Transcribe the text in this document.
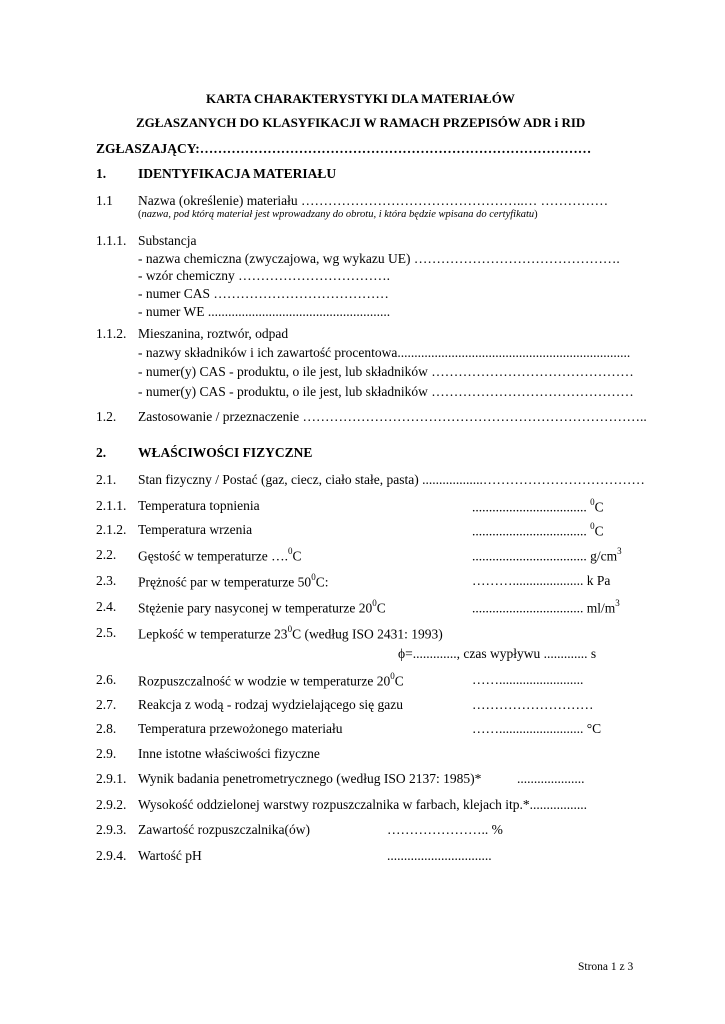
KARTA CHARAKTERYSTYKI DLA MATERIAŁÓW
ZGŁASZANYCH DO KLASYFIKACJI W RAMACH PRZEPISÓW ADR i RID
ZGŁASZAJĄCY:……………………………………………………………………………
1. IDENTYFIKACJA MATERIAŁU
1.1 Nazwa (określenie) materiału …………………………………………..… ……………
(nazwa, pod którą materiał jest wprowadzany do obrotu, i która będzie wpisana do certyfikatu)
1.1.1. Substancja
- nazwa chemiczna (zwyczajowa, wg wykazu UE) ……………………………………….
- wzór chemiczny …………………………….
- numer CAS …………………………………
- numer WE ......................................................
1.1.2. Mieszanina, roztwór, odpad
- nazwy składników i ich zawartość procentowa.....................................................................
- numer(y) CAS - produktu, o ile jest, lub składników ………………………………………
- numer(y) CAS - produktu, o ile jest, lub składników ………………………………………
1.2. Zastosowanie / przeznaczenie …………………………………………………………………..
2. WŁAŚCIWOŚCI FIZYCZNE
2.1. Stan fizyczny / Postać (gaz, ciecz, ciało stałe, pasta) ..................………………………………
2.1.1. Temperatura topnienia	.................................. $^0$C
2.1.2. Temperatura wrzenia	.................................. $^0$C
2.2. Gęstość w temperaturze ….$^0$C	.................................. $g/cm^3$
2.3. Prężność par w temperaturze $50^0C$:	………..................... k Pa
2.4. Stężenie pary nasyconej w temperaturze $20^0C$	................................. $ml/m^3$
2.5. Lepkość w temperaturze $23^0C$ (według ISO 2431: 1993)
ϕ=............., czas wypływu ............. s
2.6. Rozpuszczalność w wodzie w temperaturze $20^0C$	…….........................
2.7. Reakcja z wodą - rodzaj wydzielającego się gazu	………………………
2.8. Temperatura przewożonego materiału	……......................... °C
2.9. Inne istotne właściwości fizyczne
2.9.1. Wynik badania penetrometrycznego (według ISO 2137: 1985)*	....................
2.9.2. Wysokość oddzielonej warstwy rozpuszczalnika w farbach, klejach itp.*.................
2.9.3. Zawartość rozpuszczalnika(ów)	………………….. %
2.9.4. Wartość pH	...............................
Strona 1 z 3
